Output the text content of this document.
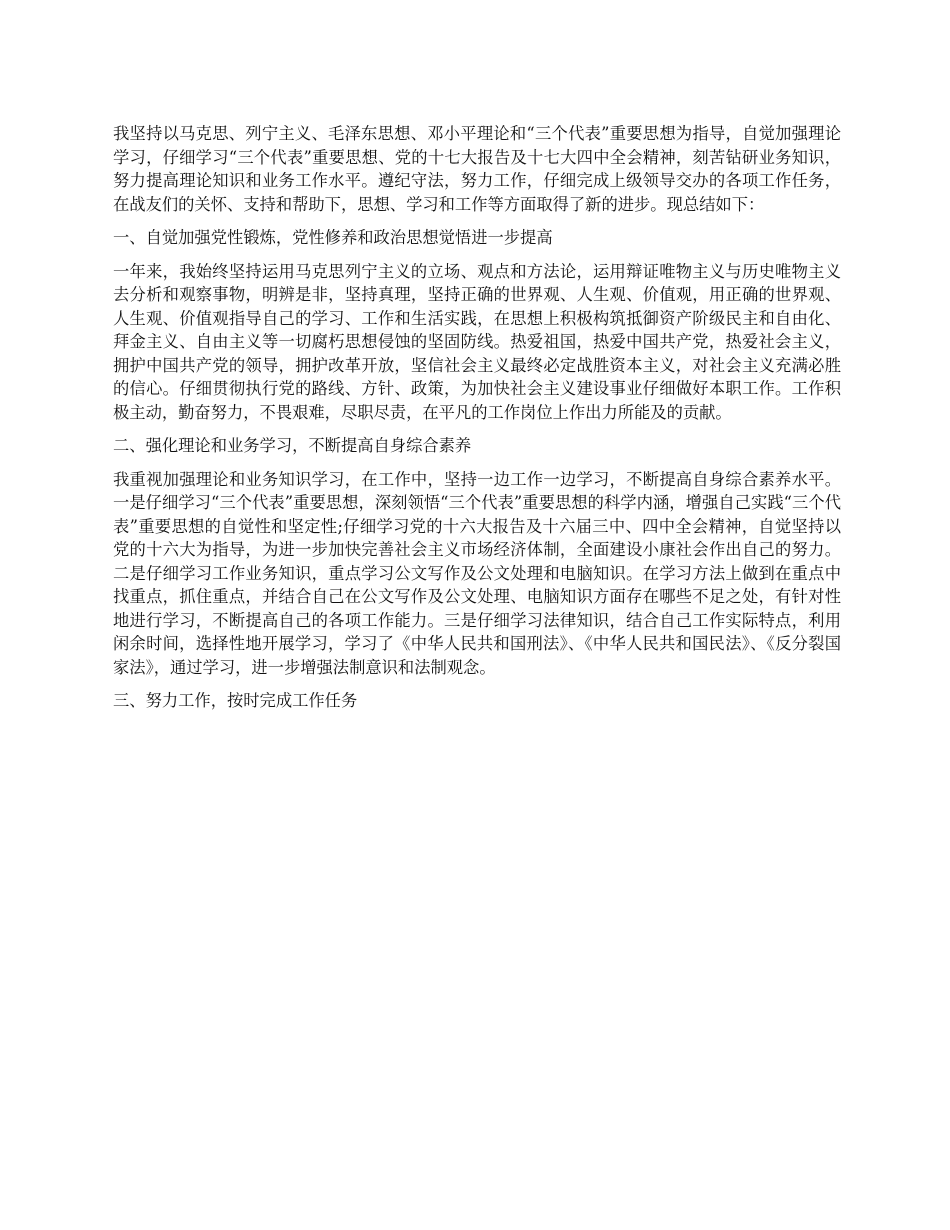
我坚持以马克思、列宁主义、毛泽东思想、邓小平理论和“三个代表”重要思想为指导，自觉加强理论学习，仔细学习“三个代表”重要思想、党的十七大报告及十七大四中全会精神，刻苦钻研业务知识，努力提高理论知识和业务工作水平。遵纪守法，努力工作，仔细完成上级领导交办的各项工作任务，在战友们的关怀、支持和帮助下，思想、学习和工作等方面取得了新的进步。现总结如下：

一、自觉加强党性锻炼，党性修养和政治思想觉悟进一步提高

一年来，我始终坚持运用马克思列宁主义的立场、观点和方法论，运用辩证唯物主义与历史唯物主义去分析和观察事物，明辨是非，坚持真理，坚持正确的世界观、人生观、价值观，用正确的世界观、人生观、价值观指导自己的学习、工作和生活实践，在思想上积极构筑抵御资产阶级民主和自由化、拜金主义、自由主义等一切腐朽思想侵蚀的坚固防线。热爱祖国，热爱中国共产党，热爱社会主义，拥护中国共产党的领导，拥护改革开放，坚信社会主义最终必定战胜资本主义，对社会主义充满必胜的信心。仔细贯彻执行党的路线、方针、政策，为加快社会主义建设事业仔细做好本职工作。工作积极主动，勤奋努力，不畏艰难，尽职尽责，在平凡的工作岗位上作出力所能及的贡献。

二、强化理论和业务学习，不断提高自身综合素养

我重视加强理论和业务知识学习，在工作中，坚持一边工作一边学习，不断提高自身综合素养水平。一是仔细学习“三个代表”重要思想，深刻领悟“三个代表”重要思想的科学内涵，增强自己实践“三个代表”重要思想的自觉性和坚定性;仔细学习党的十六大报告及十六届三中、四中全会精神，自觉坚持以党的十六大为指导，为进一步加快完善社会主义市场经济体制，全面建设小康社会作出自己的努力。二是仔细学习工作业务知识，重点学习公文写作及公文处理和电脑知识。在学习方法上做到在重点中找重点，抓住重点，并结合自己在公文写作及公文处理、电脑知识方面存在哪些不足之处，有针对性地进行学习，不断提高自己的各项工作能力。三是仔细学习法律知识，结合自己工作实际特点，利用闲余时间，选择性地开展学习，学习了《中华人民共和国刑法》、《中华人民共和国民法》、《反分裂国家法》，通过学习，进一步增强法制意识和法制观念。

三、努力工作，按时完成工作任务
